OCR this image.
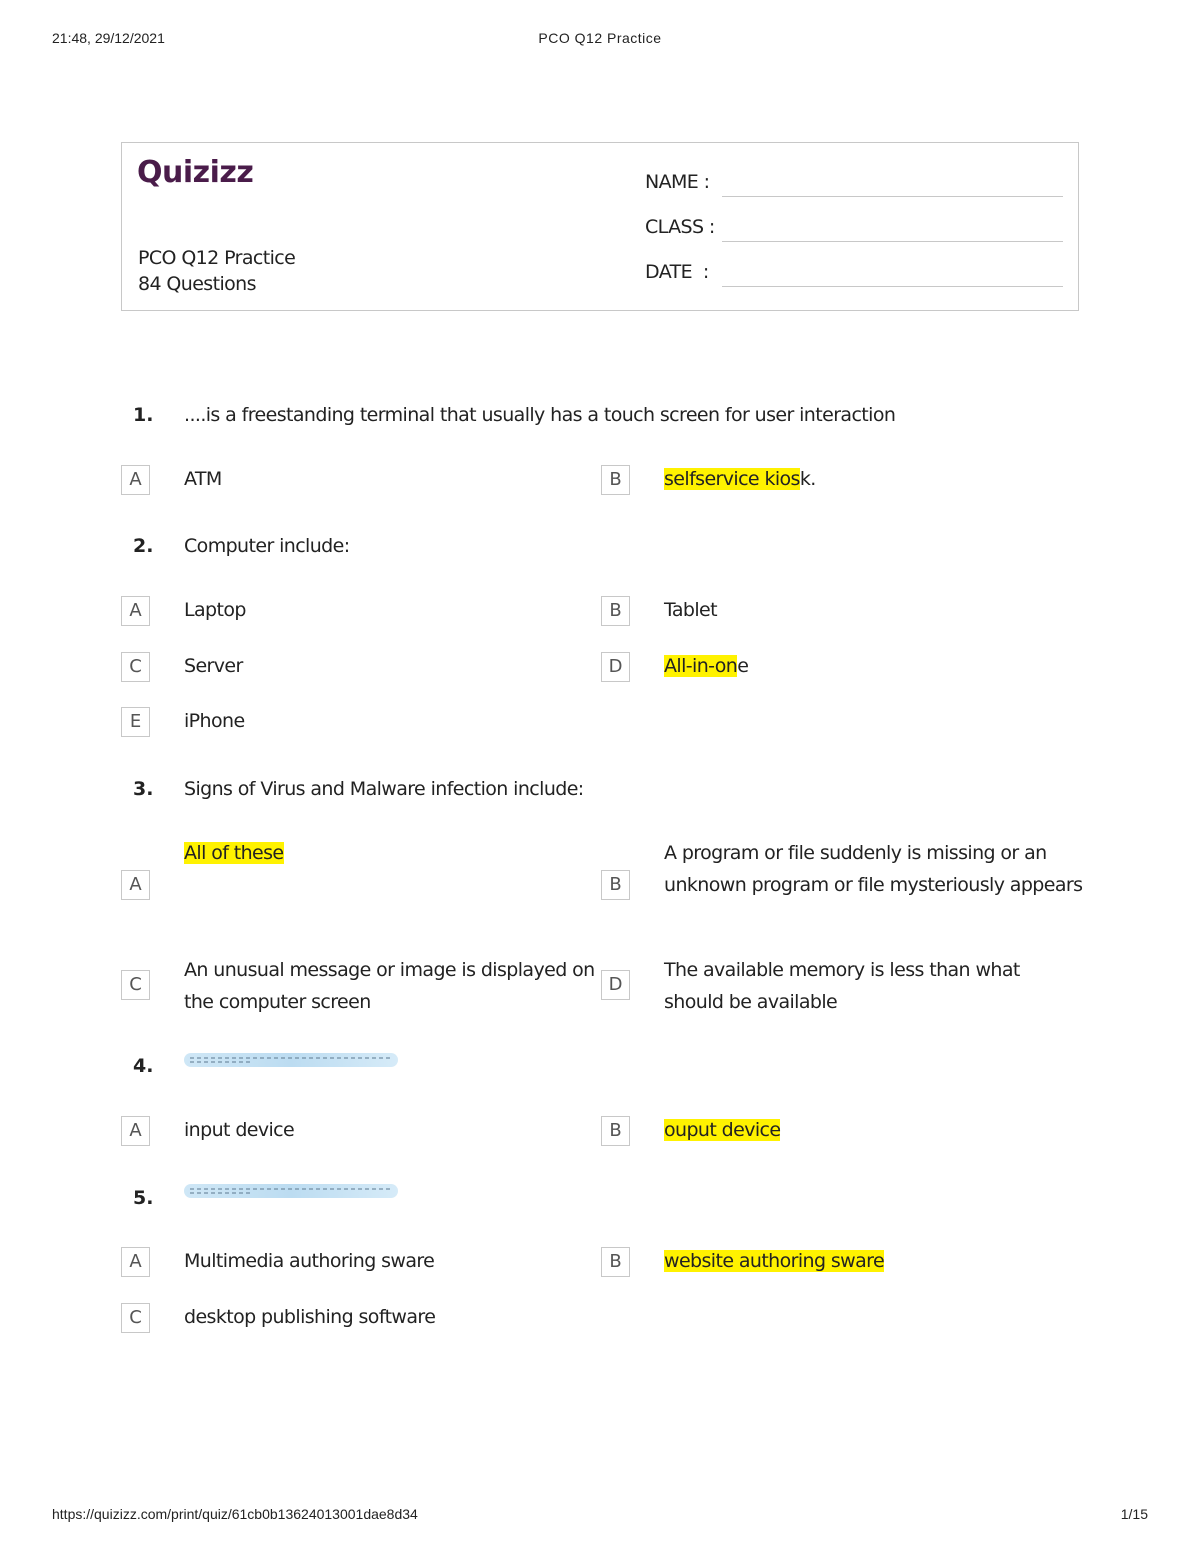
21:48, 29/12/2021	PCO Q12 Practice
Quizizz
PCO Q12 Practice
84 Questions
NAME :
CLASS :
DATE  :
1. ....is a freestanding terminal that usually has a touch screen for user interaction
A	ATM	B	selfservice kiosk.
2. Computer include:
A	Laptop	B	Tablet
C	Server	D	All-in-one
E	iPhone
3. Signs of Virus and Malware infection include:
A
All of these
B
A program or file suddenly is missing or an unknown program or file mysteriously appears
C
An unusual message or image is displayed on the computer screen
D
The available memory is less than what should be available
4.
A	input device	B	ouput device
5.
A	Multimedia authoring sware	B	website authoring sware
C	desktop publishing software
https://quizizz.com/print/quiz/61cb0b13624013001dae8d34	1/15
